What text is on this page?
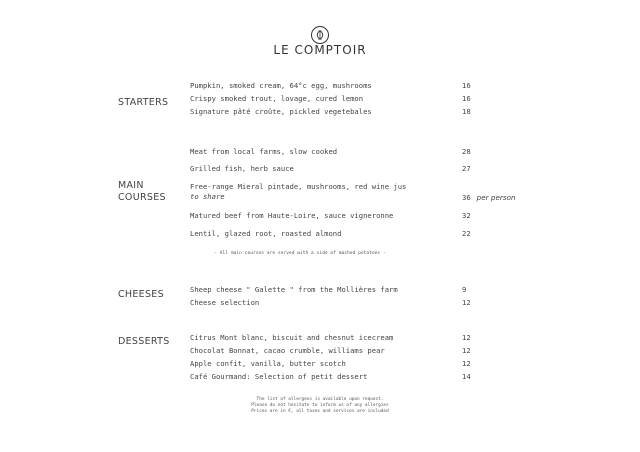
LE COMPTOIR
STARTERS
Pumpkin, smoked cream, 64°c egg, mushrooms	16
Crispy smoked trout, lovage, cured lemon	16
Signature pâté croûte, pickled vegetebales	18
MAIN
COURSES
Meat from local farms, slow cooked	28
Grilled fish, herb sauce	27
Free-range Mieral pintade, mushrooms, red wine jus
to share	36 per person
Matured beef from Haute-Loire, sauce vigneronne	32
Lentil, glazed root, roasted almond	22
- All main courses are served with a side of mashed potatoes -
CHEESES	Sheep cheese " Galette " from the Mollières farm	9
Cheese selection	12
DESSERTS	Citrus Mont blanc, biscuit and chesnut icecream	12
Chocolat Bonnat, cacao crumble, williams pear	12
Apple confit, vanilla, butter scotch	12
Café Gourmand: Selection of petit dessert	14
The list of allergens is available upon request.
Please do not hesitate to inform us of any allergies
Prices are in €, all taxes and services are included
